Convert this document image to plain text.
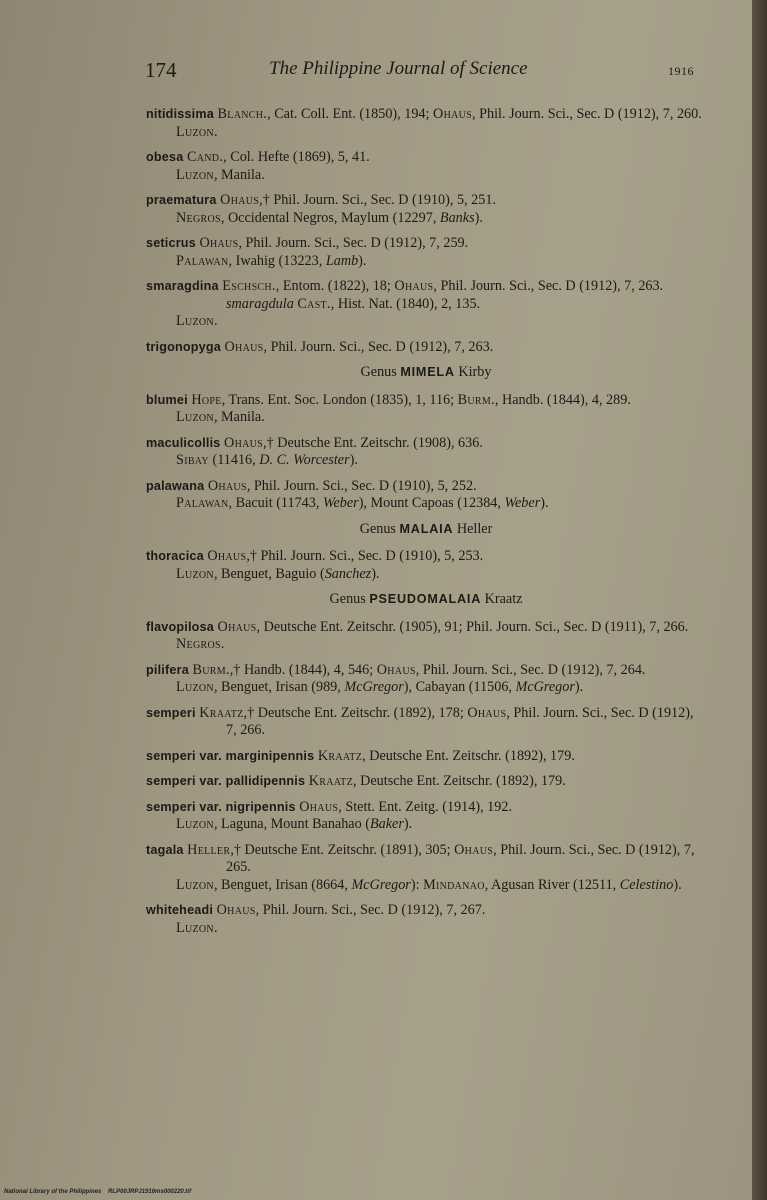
174	The Philippine Journal of Science	1916
nitidissima Blanch., Cat. Coll. Ent. (1850), 194; Ohaus, Phil. Journ. Sci., Sec. D (1912), 7, 260.
Luzon.
obesa Cand., Col. Hefte (1869), 5, 41.
Luzon, Manila.
praematura Ohaus,† Phil. Journ. Sci., Sec. D (1910), 5, 251.
Negros, Occidental Negros, Maylum (12297, Banks).
seticrus Ohaus, Phil. Journ. Sci., Sec. D (1912), 7, 259.
Palawan, Iwahig (13223, Lamb).
smaragdina Eschsch., Entom. (1822), 18; Ohaus, Phil. Journ. Sci., Sec. D (1912), 7, 263.
smaragdula Cast., Hist. Nat. (1840), 2, 135.
Luzon.
trigonopyga Ohaus, Phil. Journ. Sci., Sec. D (1912), 7, 263.
Genus MIMELA Kirby
blumei Hope, Trans. Ent. Soc. London (1835), 1, 116; Burm., Handb. (1844), 4, 289.
Luzon, Manila.
maculicollis Ohaus,† Deutsche Ent. Zeitschr. (1908), 636.
Sibay (11416, D. C. Worcester).
palawana Ohaus, Phil. Journ. Sci., Sec. D (1910), 5, 252.
Palawan, Bacuit (11743, Weber), Mount Capoas (12384, Weber).
Genus MALAIA Heller
thoracica Ohaus,† Phil. Journ. Sci., Sec. D (1910), 5, 253.
Luzon, Benguet, Baguio (Sanchez).
Genus PSEUDOMALAIA Kraatz
flavopilosa Ohaus, Deutsche Ent. Zeitschr. (1905), 91; Phil. Journ. Sci., Sec. D (1911), 7, 266.
Negros.
pilifera Burm.,† Handb. (1844), 4, 546; Ohaus, Phil. Journ. Sci., Sec. D (1912), 7, 264.
Luzon, Benguet, Irisan (989, McGregor), Cabayan (11506, McGregor).
semperi Kraatz,† Deutsche Ent. Zeitschr. (1892), 178; Ohaus, Phil. Journ. Sci., Sec. D (1912), 7, 266.
semperi var. marginipennis Kraatz, Deutsche Ent. Zeitschr. (1892), 179.
semperi var. pallidipennis Kraatz, Deutsche Ent. Zeitschr. (1892), 179.
semperi var. nigripennis Ohaus, Stett. Ent. Zeitg. (1914), 192.
Luzon, Laguna, Mount Banahao (Baker).
tagala Heller,† Deutsche Ent. Zeitschr. (1891), 305; Ohaus, Phil. Journ. Sci., Sec. D (1912), 7, 265.
Luzon, Benguet, Irisan (8664, McGregor): Mindanao, Agusan River (12511, Celestino).
whiteheadi Ohaus, Phil. Journ. Sci., Sec. D (1912), 7, 267.
Luzon.
National Library of the Philippines RLP00JRPJ1916ms000220.tif
